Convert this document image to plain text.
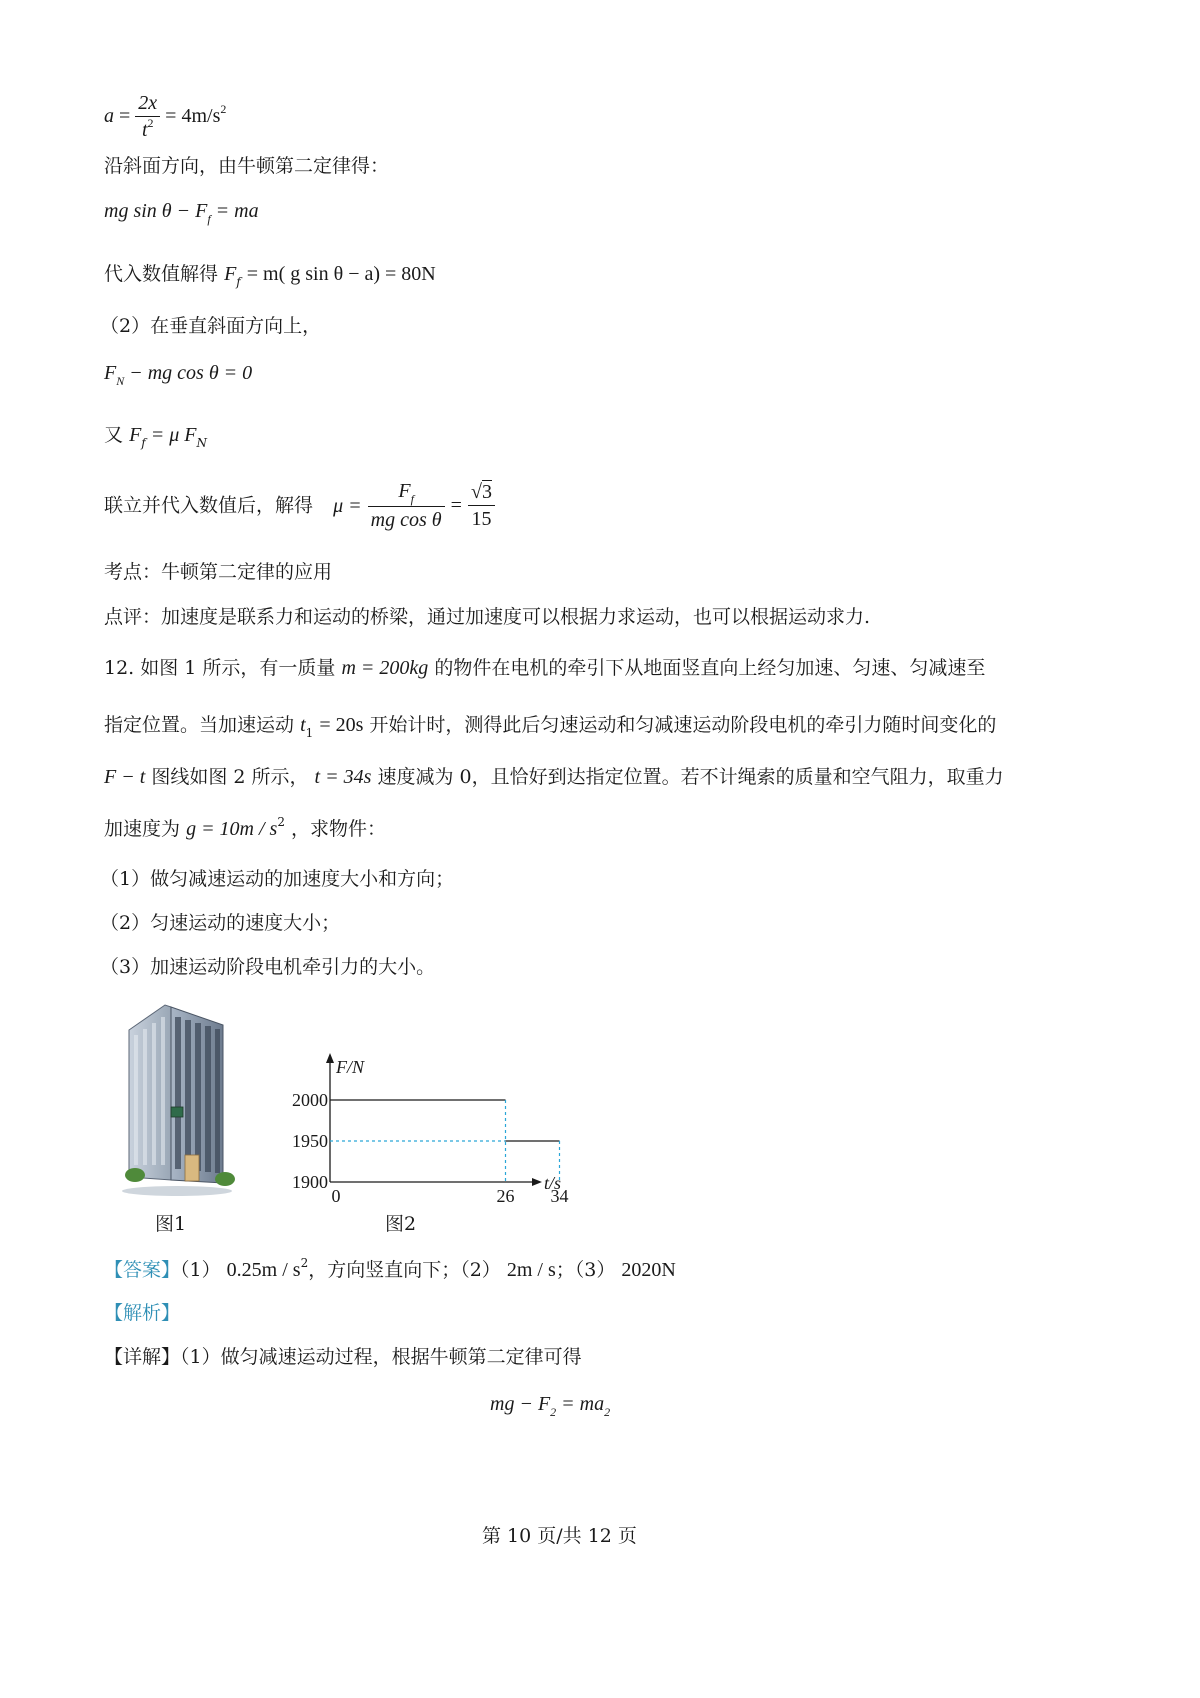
$a = \frac{2x}{t^2} = 4m/s^2$
沿斜面方向，由牛顿第二定律得：
mg $\sin \theta - F_f$ = ma
代入数值解得 $F_f = m$( g sin θ − a) = 80N
（2）在垂直斜面方向上，
$F_N$ − mg cos θ = 0
又 $F_f = \mu$ $F_N$
联立并代入数值后，解得 $\mu = \frac{F_f}{\text{mg cos θ}} = \frac{√3}{15}$
考点：牛顿第二定律的应用
点评：加速度是联系力和运动的桥梁，通过加速度可以根据力求运动，也可以根据运动求力.
12. 如图 1 所示，有一质量 m = 200kg 的物件在电机的牵引下从地面竖直向上经匀加速、匀速、匀减速至
指定位置。当加速运动 $t_1 = 20s$ 开始计时，测得此后匀速运动和匀减速运动阶段电机的牵引力随时间变化的
F − t 图线如图 2 所示， t = 34s 速度减为 0，且恰好到达指定位置。若不计绳索的质量和空气阻力，取重力
加速度为 $g = 10m / s^2$ ，求物件：
（1）做匀减速运动的加速度大小和方向；
（2）匀速运动的速度大小；
（3）加速运动阶段电机牵引力的大小。
图1
F/N
t/s
2000
1950
1900
0	26 34
图2
【答案】（1） $0.25m / s^2$，方向竖直向下；（2） 2m / s；（3） 2020N
【解析】
【详解】（1）做匀减速运动过程，根据牛顿第二定律可得
mg − $F_2 = ma_2$
第 10 页/共 12 页
